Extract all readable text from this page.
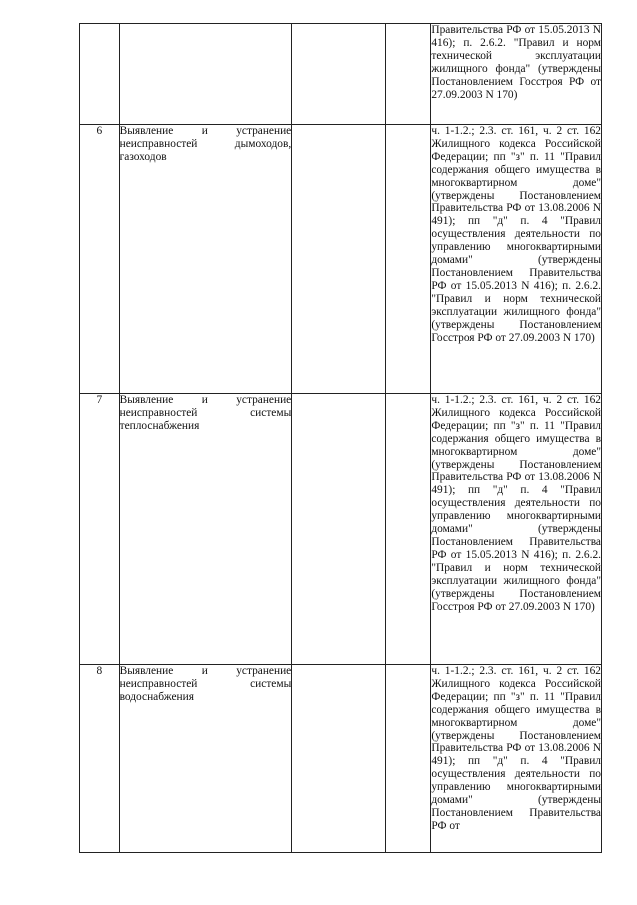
				Правительства РФ от 15.05.2013 N 416); п. 2.6.2. "Правил и норм технической эксплуатации жилищного фонда" (утверждены Постановлением Госстроя РФ от 27.09.2003 N 170)

6	Выявление и устранение неисправностей дымоходов, газоходов			ч. 1-1.2.; 2.3. ст. 161, ч. 2 ст. 162 Жилищного кодекса Российской Федерации; пп "з" п. 11 "Правил содержания общего имущества в многоквартирном доме" (утверждены Постановлением Правительства РФ от 13.08.2006 N 491); пп "д" п. 4 "Правил осуществления деятельности по управлению многоквартирными домами" (утверждены Постановлением Правительства РФ от 15.05.2013 N 416); п. 2.6.2. "Правил и норм технической эксплуатации жилищного фонда" (утверждены Постановлением Госстроя РФ от 27.09.2003 N 170)

7	Выявление и устранение неисправностей системы теплоснабжения			ч. 1-1.2.; 2.3. ст. 161, ч. 2 ст. 162 Жилищного кодекса Российской Федерации; пп "з" п. 11 "Правил содержания общего имущества в многоквартирном доме" (утверждены Постановлением Правительства РФ от 13.08.2006 N 491); пп "д" п. 4 "Правил осуществления деятельности по управлению многоквартирными домами" (утверждены Постановлением Правительства РФ от 15.05.2013 N 416); п. 2.6.2. "Правил и норм технической эксплуатации жилищного фонда" (утверждены Постановлением Госстроя РФ от 27.09.2003 N 170)

8	Выявление и устранение неисправностей системы водоснабжения			ч. 1-1.2.; 2.3. ст. 161, ч. 2 ст. 162 Жилищного кодекса Российской Федерации; пп "з" п. 11 "Правил содержания общего имущества в многоквартирном доме" (утверждены Постановлением Правительства РФ от 13.08.2006 N 491); пп "д" п. 4 "Правил осуществления деятельности по управлению многоквартирными домами" (утверждены Постановлением Правительства РФ от
